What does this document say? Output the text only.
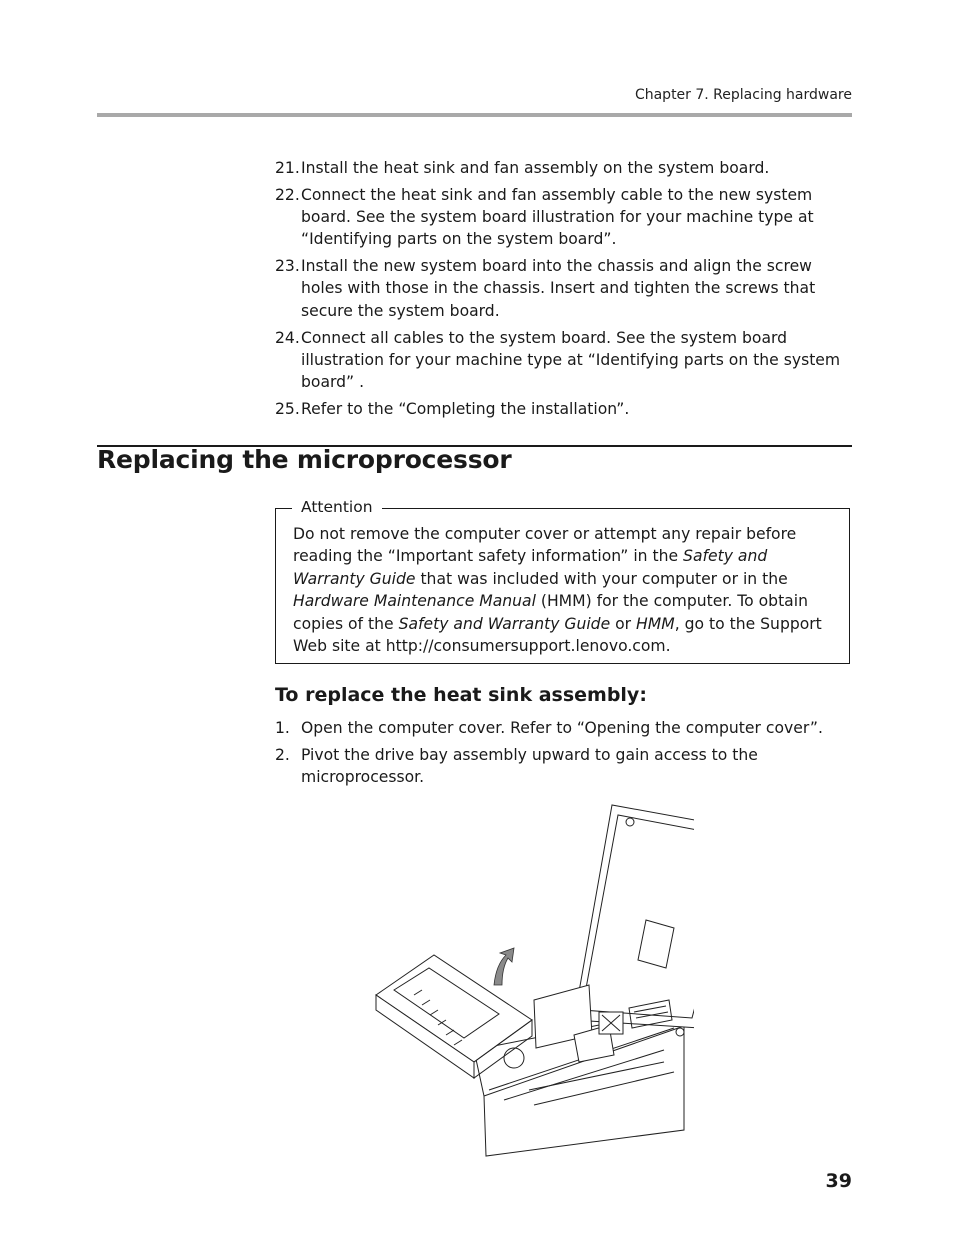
Chapter 7. Replacing hardware
21. Install the heat sink and fan assembly on the system board.
22. Connect the heat sink and fan assembly cable to the new system board. See the system board illustration for your machine type at “Identifying parts on the system board”.
23. Install the new system board into the chassis and align the screw holes with those in the chassis. Insert and tighten the screws that secure the system board.
24. Connect all cables to the system board. See the system board illustration for your machine type at “Identifying parts on the system board” .
25. Refer to the “Completing the installation”.
Replacing the microprocessor
Attention
Do not remove the computer cover or attempt any repair before reading the “Important safety information” in the Safety and Warranty Guide that was included with your computer or in the Hardware Maintenance Manual (HMM) for the computer. To obtain copies of the Safety and Warranty Guide or HMM, go to the Support Web site at http://consumersupport.lenovo.com.
To replace the heat sink assembly:
1. Open the computer cover. Refer to “Opening the computer cover”.
2. Pivot the drive bay assembly upward to gain access to the microprocessor.
39
